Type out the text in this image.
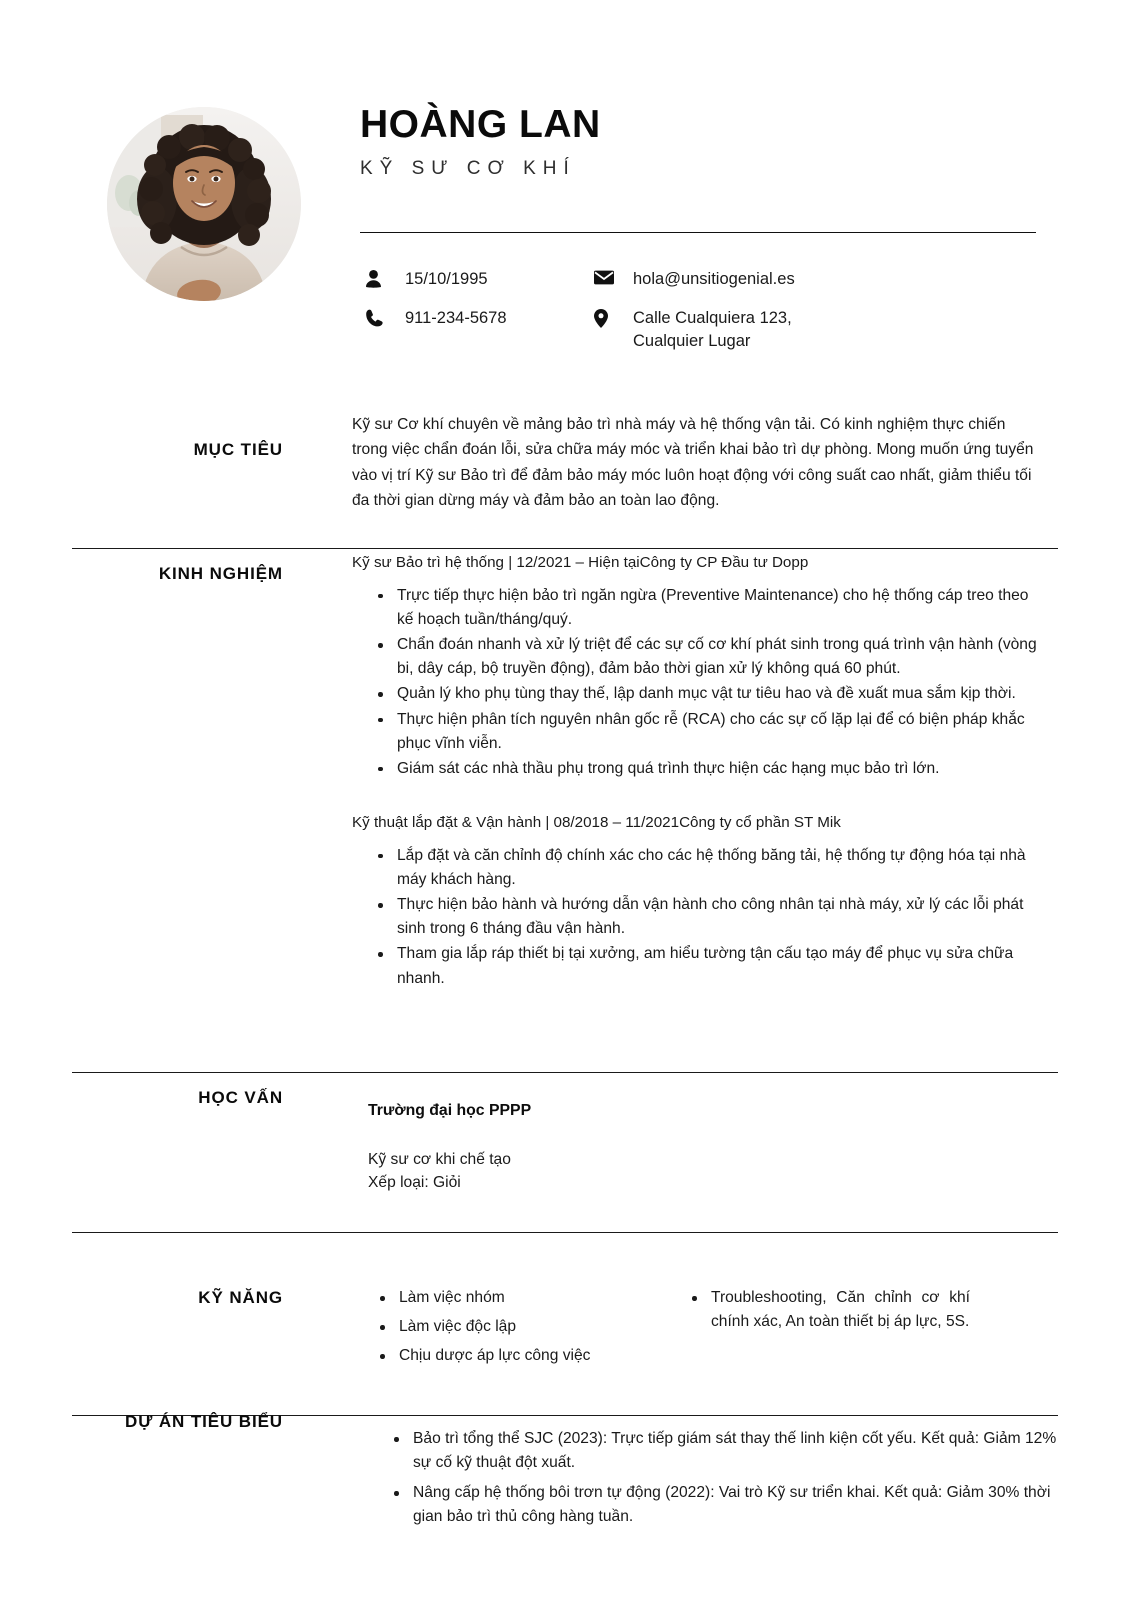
HOÀNG LAN
KỸ SƯ CƠ KHÍ
15/10/1995	hola@unsitiogenial.es
911-234-5678	Calle Cualquiera 123,
Cualquier Lugar
MỤC TIÊU
Kỹ sư Cơ khí chuyên về mảng bảo trì nhà máy và hệ thống vận tải. Có kinh nghiệm thực chiến trong việc chẩn đoán lỗi, sửa chữa máy móc và triển khai bảo trì dự phòng. Mong muốn ứng tuyển vào vị trí Kỹ sư Bảo trì để đảm bảo máy móc luôn hoạt động với công suất cao nhất, giảm thiểu tối đa thời gian dừng máy và đảm bảo an toàn lao động.
KINH NGHIỆM
Kỹ sư Bảo trì hệ thống | 12/2021 – Hiện tạiCông ty CP Đầu tư Dopp
Trực tiếp thực hiện bảo trì ngăn ngừa (Preventive Maintenance) cho hệ thống cáp treo theo kế hoạch tuần/tháng/quý.
Chẩn đoán nhanh và xử lý triệt để các sự cố cơ khí phát sinh trong quá trình vận hành (vòng bi, dây cáp, bộ truyền động), đảm bảo thời gian xử lý không quá 60 phút.
Quản lý kho phụ tùng thay thế, lập danh mục vật tư tiêu hao và đề xuất mua sắm kịp thời.
Thực hiện phân tích nguyên nhân gốc rễ (RCA) cho các sự cố lặp lại để có biện pháp khắc phục vĩnh viễn.
Giám sát các nhà thầu phụ trong quá trình thực hiện các hạng mục bảo trì lớn.
Kỹ thuật lắp đặt & Vận hành | 08/2018 – 11/2021Công ty cổ phần ST Mik
Lắp đặt và căn chỉnh độ chính xác cho các hệ thống băng tải, hệ thống tự động hóa tại nhà máy khách hàng.
Thực hiện bảo hành và hướng dẫn vận hành cho công nhân tại nhà máy, xử lý các lỗi phát sinh trong 6 tháng đầu vận hành.
Tham gia lắp ráp thiết bị tại xưởng, am hiểu tường tận cấu tạo máy để phục vụ sửa chữa nhanh.
HỌC VẤN
Trường đại học PPPP
Kỹ sư cơ khi chế tạo
Xếp loại: Giỏi
KỸ NĂNG	Làm việc nhóm
Làm việc độc lập
Chịu dược áp lực công việc
Troubleshooting, Căn chỉnh cơ khí chính xác, An toàn thiết bị áp lực, 5S.
DỰ ÁN TIÊU BIỂU
Bảo trì tổng thể SJC (2023): Trực tiếp giám sát thay thế linh kiện cốt yếu. Kết quả: Giảm 12% sự cố kỹ thuật đột xuất.
Nâng cấp hệ thống bôi trơn tự động (2022): Vai trò Kỹ sư triển khai. Kết quả: Giảm 30% thời gian bảo trì thủ công hàng tuần.
